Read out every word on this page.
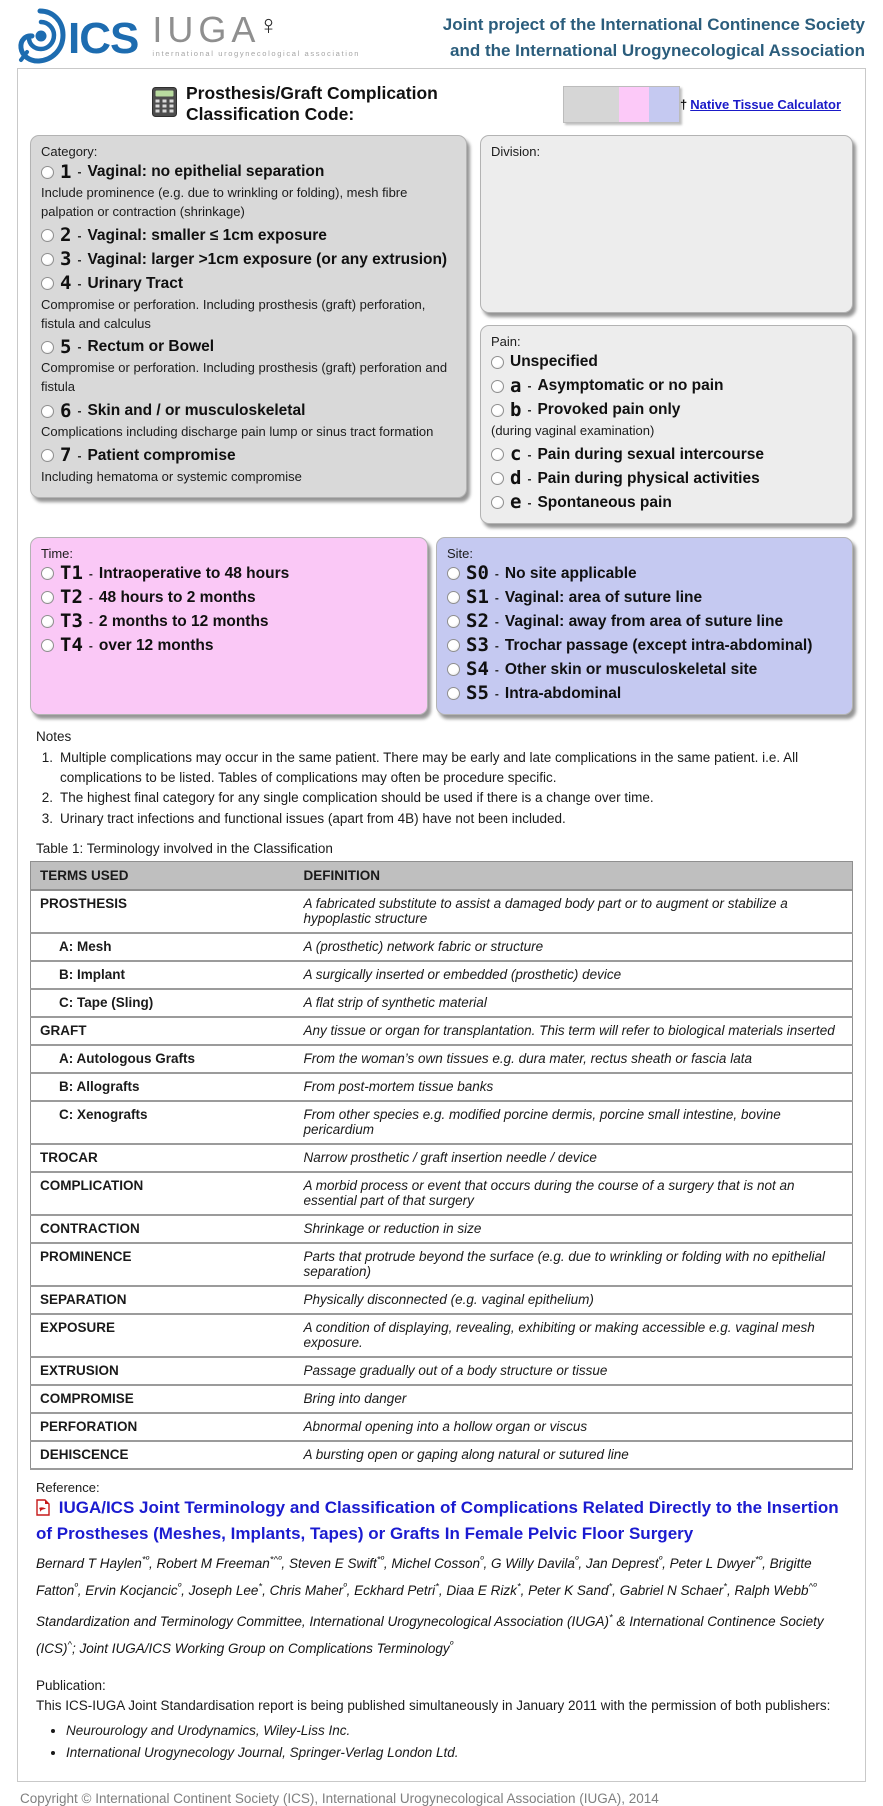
ICS IUGA
♀
international urogynecological association
Joint project of the International Continence Society
and the International Urogynecological Association
Prosthesis/Graft Complication Classification Code:	† Native Tissue Calculator
Category:
1 - Vaginal: no epithelial separation
Include prominence (e.g. due to wrinkling or folding), mesh fibre palpation or contraction (shrinkage)
2 - Vaginal: smaller ≤ 1cm exposure
3
- Vaginal: larger >1cm exposure (or any extrusion)
4 - Urinary Tract
Compromise or perforation. Including prosthesis (graft) perforation, fistula and calculus
5 - Rectum or Bowel
Compromise or perforation. Including prosthesis (graft) perforation and fistula
6 - Skin and / or musculoskeletal
Complications including discharge pain lump or sinus tract formation
7 - Patient compromise
Including hematoma or systemic compromise
Division:
Pain:
Unspecified
a - Asymptomatic or no pain
b - Provoked pain only
(during vaginal examination)
c - Pain during sexual intercourse
d - Pain during physical activities
e - Spontaneous pain
Time:
T1 - Intraoperative to 48 hours
T2 - 48 hours to 2 months
T3 - 2 months to 12 months
T4 - over 12 months
Site:
S0 - No site applicable
S1 - Vaginal: area of suture line
S2 - Vaginal: away from area of suture line
S3 - Trochar passage (except intra-abdominal)
S4 - Other skin or musculoskeletal site
S5 - Intra-abdominal
Notes
Multiple complications may occur in the same patient. There may be early and late complications in the same patient. i.e. All complications to be listed. Tables of complications may often be procedure specific.
The highest final category for any single complication should be used if there is a change over time.
Urinary tract infections and functional issues (apart from 4B) have not been included.
Table 1: Terminology involved in the Classification
TERMS USED	DEFINITION
PROSTHESIS	A fabricated substitute to assist a damaged body part or to augment or stabilize a hypoplastic structure
A: Mesh	A (prosthetic) network fabric or structure
B: Implant	A surgically inserted or embedded (prosthetic) device
C: Tape (Sling)	A flat strip of synthetic material
GRAFT	Any tissue or organ for transplantation. This term will refer to biological materials inserted
A: Autologous Grafts	From the woman’s own tissues e.g. dura mater, rectus sheath or fascia lata
B: Allografts	From post-mortem tissue banks
C: Xenografts	From other species e.g. modified porcine dermis, porcine small intestine, bovine pericardium
TROCAR	Narrow prosthetic / graft insertion needle / device
COMPLICATION	A morbid process or event that occurs during the course of a surgery that is not an essential part of that surgery
CONTRACTION	Shrinkage or reduction in size
PROMINENCE	Parts that protrude beyond the surface (e.g. due to wrinkling or folding with no epithelial separation)
SEPARATION	Physically disconnected (e.g. vaginal epithelium)
EXPOSURE	A condition of displaying, revealing, exhibiting or making accessible e.g. vaginal mesh exposure.
EXTRUSION	Passage gradually out of a body structure or tissue
COMPROMISE	Bring into danger
PERFORATION	Abnormal opening into a hollow organ or viscus
DEHISCENCE	A bursting open or gaping along natural or sutured line
Reference:
IUGA/ICS Joint Terminology and Classification of Complications Related Directly to the Insertion of Prostheses (Meshes, Implants, Tapes) or Grafts In Female Pelvic Floor Surgery

Bernard T Haylen$^{*º}$ , Robert M Freeman$^{*\^{}º}$ , Steven E Swift$^{*º}$ , Michel Cosson$^º$ , G Willy Davila$^º$ , Jan Deprest$^º$ , Peter L Dwyer$^{*º}$ , Brigitte Fatton$^º$ , Ervin Kocjancic$^º$ , Joseph Lee* , Chris Maher$^º$ , Eckhard Petri* , Diaa E Rizk* , Peter K Sand* , Gabriel N Schaer* , Ralph Webb$^{\^{}º}$

Standardization and Terminology Committee, International Urogynecological Association (IUGA)* & International Continence Society (ICS)^; Joint IUGA/ICS Working Group on Complications Terminology$^º$

Publication:

This ICS-IUGA Joint Standardisation report is being published simultaneously in January 2011 with the permission of both publishers:

• Neurourology and Urodynamics, Wiley-Liss Inc.
• International Urogynecology Journal, Springer-Verlag London Ltd.
Copyright © International Continent Society (ICS), International Urogynecological Association (IUGA), 2014
